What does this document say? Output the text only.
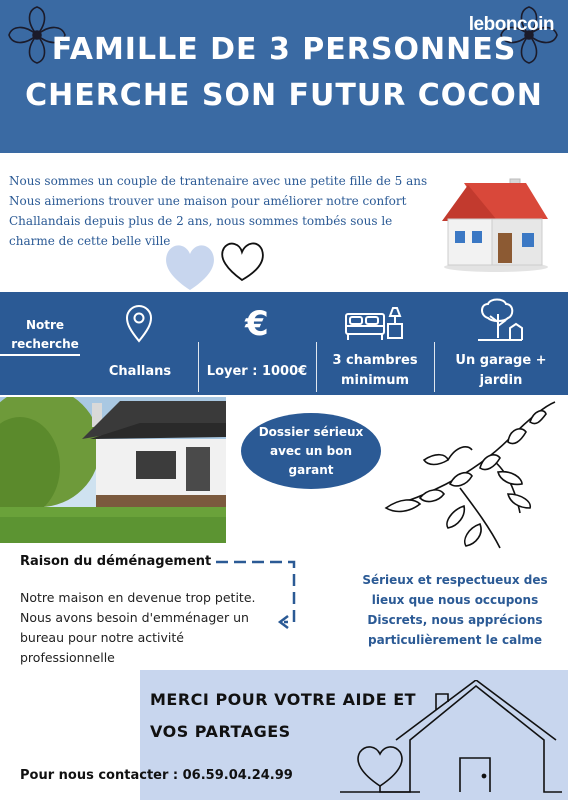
leboncoin
FAMILLE DE 3 PERSONNES
CHERCHE SON FUTUR COCON

Nous sommes un couple de trantenaire avec une petite fille de 5 ans

Nous aimerions trouver une maison pour améliorer notre confort

Challandais depuis plus de 2 ans, nous sommes tombés sous le

charme de cette belle ville

Notre
recherche
Challans
€
Loyer : 1000€
3 chambres
minimum
Un garage +
jardin
Dossier sérieux
avec un bon
garant
Raison du déménagement
Notre maison en devenue trop petite.
Nous avons besoin d'emménager un
bureau pour notre activité
professionnelle
Sérieux et respectueux des
lieux que nous occupons
Discrets, nous apprécions
particulièrement le calme
MERCI POUR VOTRE AIDE ET
VOS PARTAGES
Pour nous contacter : 06.59.04.24.99
